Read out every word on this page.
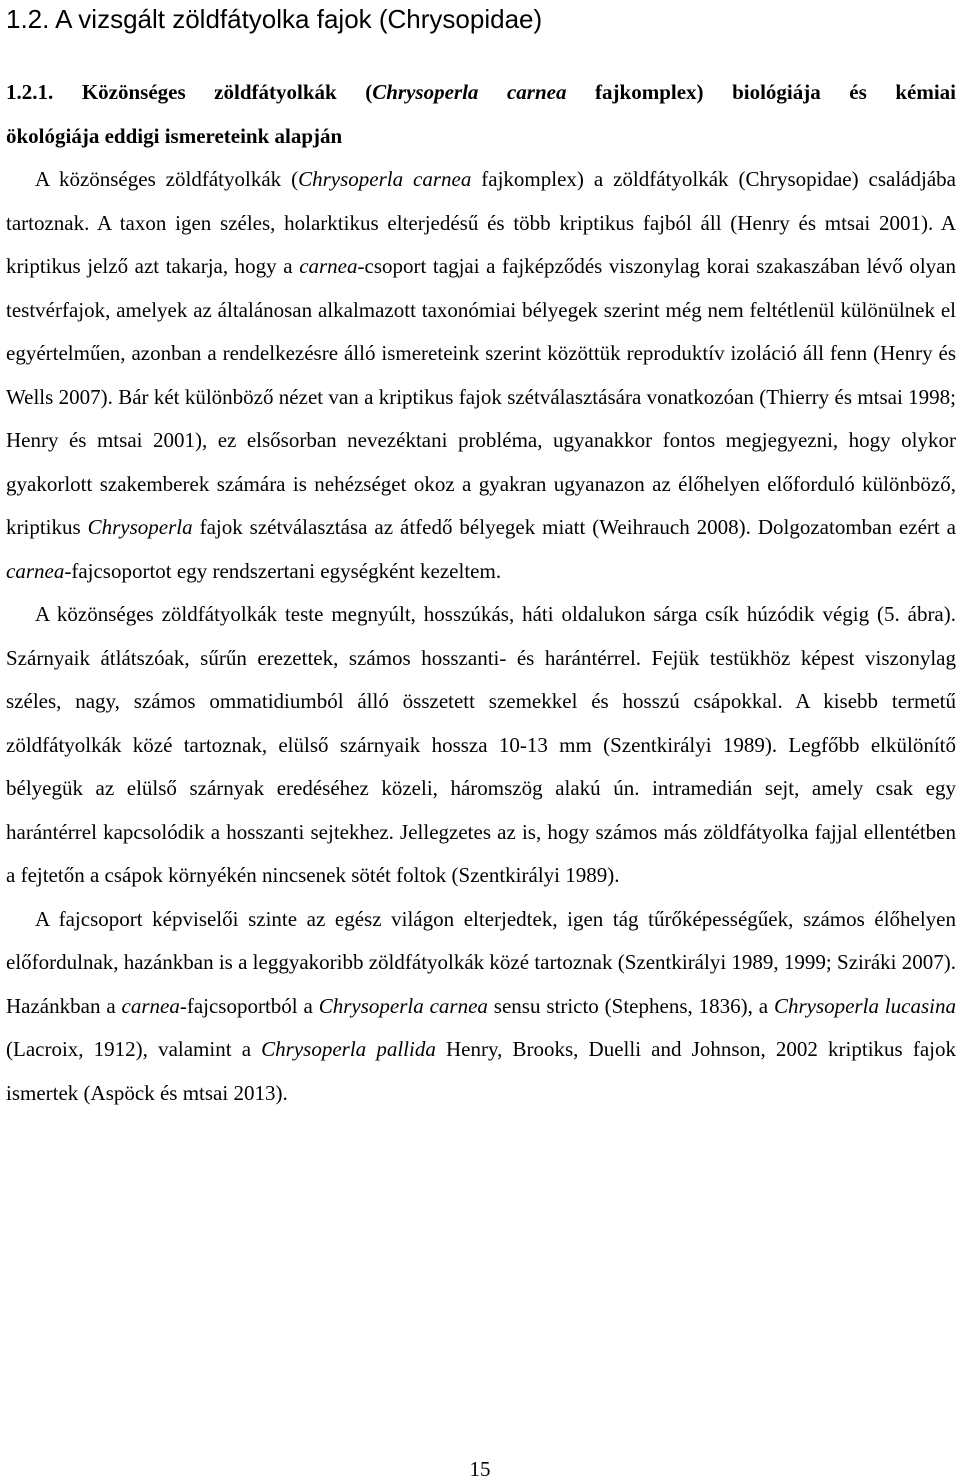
1.2. A vizsgált zöldfátyolka fajok (Chrysopidae)
1.2.1. Közönséges zöldfátyolkák (Chrysoperla carnea fajkomplex) biológiája és kémiai
ökológiája eddigi ismereteink alapján

A közönséges zöldfátyolkák (Chrysoperla carnea fajkomplex) a zöldfátyolkák (Chrysopidae) családjába tartoznak. A taxon igen széles, holarktikus elterjedésű és több kriptikus fajból áll (Henry és mtsai 2001). A kriptikus jelző azt takarja, hogy a carnea-csoport tagjai a fajképződés viszonylag korai szakaszában lévő olyan testvérfajok, amelyek az általánosan alkalmazott taxonómiai bélyegek szerint még nem feltétlenül különülnek el egyértelműen, azonban a rendelkezésre álló ismereteink szerint közöttük reproduktív izoláció áll fenn (Henry és Wells 2007). Bár két különböző nézet van a kriptikus fajok szétválasztására vonatkozóan (Thierry és mtsai 1998; Henry és mtsai 2001), ez elsősorban nevezéktani probléma, ugyanakkor fontos megjegyezni, hogy olykor gyakorlott szakemberek számára is nehézséget okoz a gyakran ugyanazon az élőhelyen előforduló különböző, kriptikus Chrysoperla fajok szétválasztása az átfedő bélyegek miatt (Weihrauch 2008). Dolgozatomban ezért a carnea-fajcsoportot egy rendszertani egységként kezeltem.

A közönséges zöldfátyolkák teste megnyúlt, hosszúkás, háti oldalukon sárga csík húzódik végig (5. ábra). Szárnyaik átlátszóak, sűrűn erezettek, számos hosszanti- és harántérrel. Fejük testükhöz képest viszonylag széles, nagy, számos ommatidiumból álló összetett szemekkel és hosszú csápokkal. A kisebb termetű zöldfátyolkák közé tartoznak, elülső szárnyaik hossza 10-13 mm (Szentkirályi 1989). Legfőbb elkülönítő bélyegük az elülső szárnyak eredéséhez közeli, háromszög alakú ún. intramedián sejt, amely csak egy harántérrel kapcsolódik a hosszanti sejtekhez. Jellegzetes az is, hogy számos más zöldfátyolka fajjal ellentétben a fejtetőn a csápok környékén nincsenek sötét foltok (Szentkirályi 1989).

A fajcsoport képviselői szinte az egész világon elterjedtek, igen tág tűrőképességűek, számos élőhelyen előfordulnak, hazánkban is a leggyakoribb zöldfátyolkák közé tartoznak (Szentkirályi 1989, 1999; Sziráki 2007). Hazánkban a carnea-fajcsoportból a Chrysoperla carnea sensu stricto (Stephens, 1836), a Chrysoperla lucasina (Lacroix, 1912), valamint a Chrysoperla pallida Henry, Brooks, Duelli and Johnson, 2002 kriptikus fajok ismertek (Aspöck és mtsai 2013).

15
